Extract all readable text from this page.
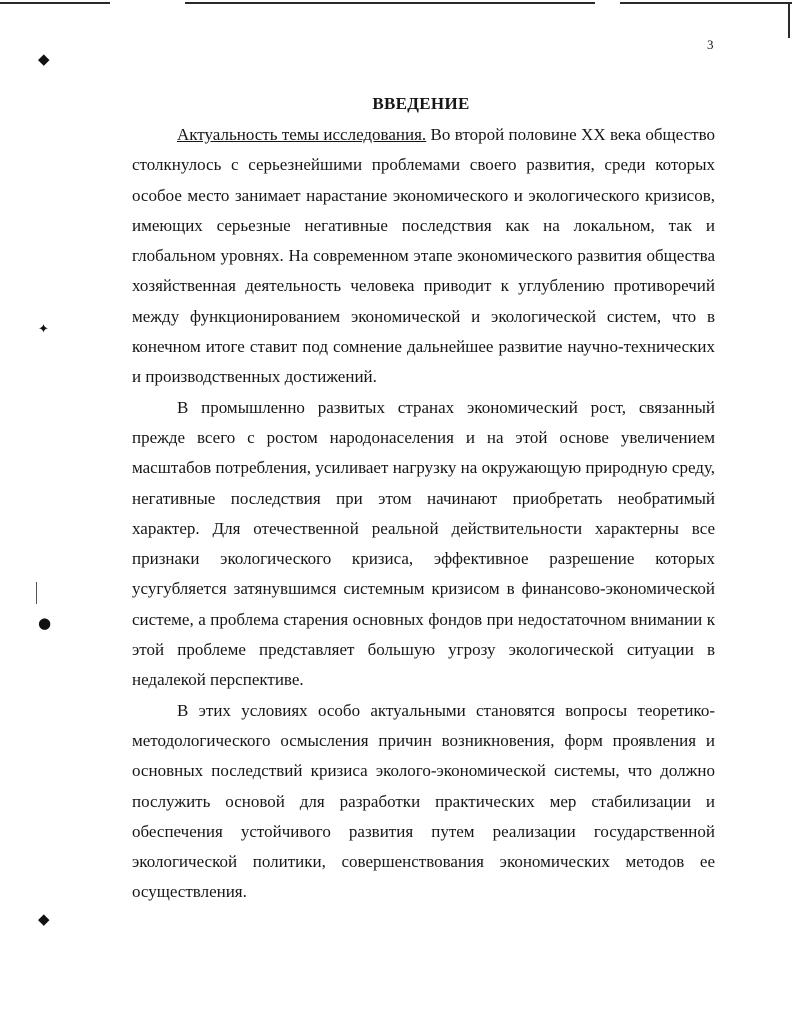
◆
✦
●
◆
3
ВВЕДЕНИЕ

Актуальность темы исследования. Во второй половине XX века общество столкнулось с серьезнейшими проблемами своего развития, среди которых особое место занимает нарастание экономического и экологического кризисов, имеющих серьезные негативные последствия как на локальном, так и глобальном уровнях. На современном этапе экономического развития общества хозяйственная деятельность человека приводит к углублению противоречий между функционированием экономической и экологической систем, что в конечном итоге ставит под сомнение дальнейшее развитие научно-технических и производственных достижений.

В промышленно развитых странах экономический рост, связанный прежде всего с ростом народонаселения и на этой основе увеличением масштабов потребления, усиливает нагрузку на окружающую природную среду, негативные последствия при этом начинают приобретать необратимый характер. Для отечественной реальной действительности характерны все признаки экологического кризиса, эффективное разрешение которых усугубляется затянувшимся системным кризисом в финансово-экономической системе, а проблема старения основных фондов при недостаточном внимании к этой проблеме представляет большую угрозу экологической ситуации в недалекой перспективе.

В этих условиях особо актуальными становятся вопросы теоретико-методологического осмысления причин возникновения, форм проявления и основных последствий кризиса эколого-экономической системы, что должно послужить основой для разработки практических мер стабилизации и обеспечения устойчивого развития путем реализации государственной экологической политики, совершенствования экономических методов ее осуществления.
